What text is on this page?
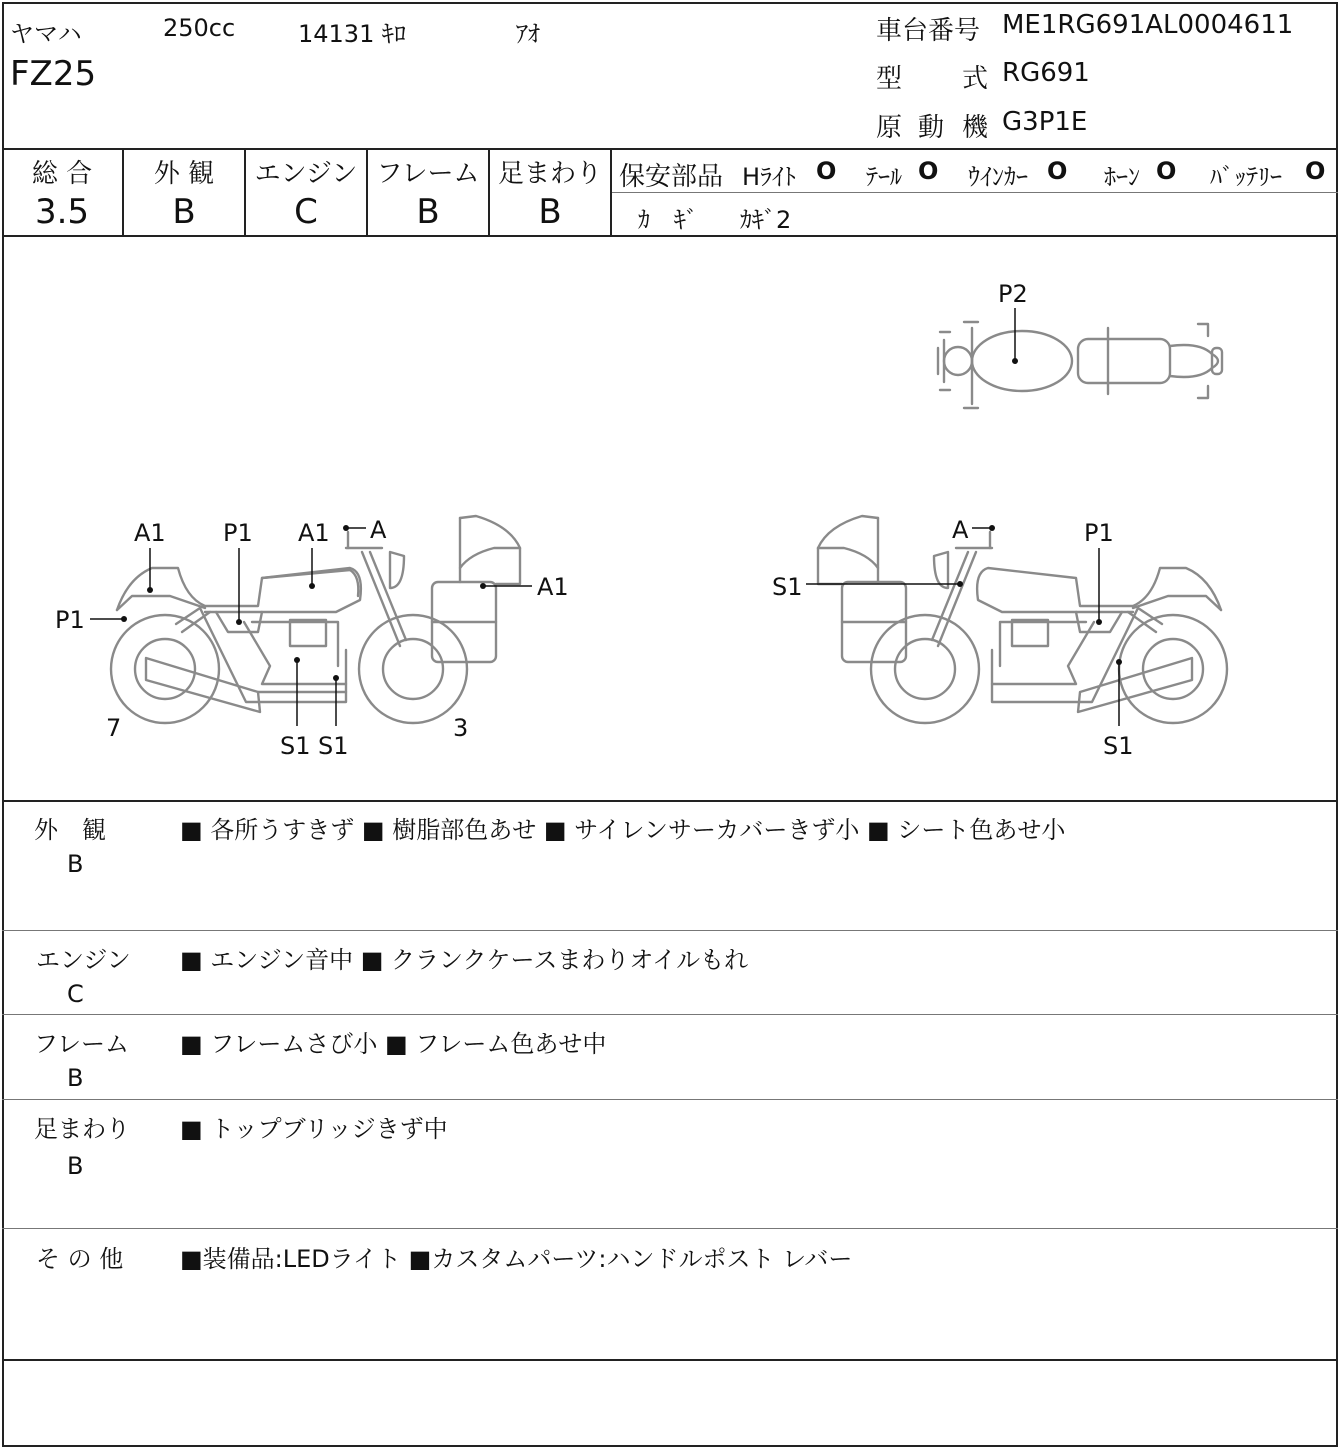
ヤマハ	250cc	14131 ｷﾛ	ｱｵ
FZ25
車台番号 ME1RG691AL0004611
型 式 RG691
原 動 機 G3P1E
総 合
3.5
外 観
B
エンジン
C
フレーム
B
足まわり
B
保安部品 Hﾗｲﾄ O ﾃｰﾙ O ｳｲﾝｶｰ O ﾎｰﾝ O ﾊﾞｯﾃﾘｰ O
ｶ　ｷﾞ ｶｷﾞ2
P2
A1 P1 A1 A
A1
P1
S1 S1
7	3
A	P1
S1
S1
外　観
B
■ 各所うすきず ■ 樹脂部色あせ ■ サイレンサーカバーきず小 ■ シート色あせ小
エンジン
C
■ エンジン音中 ■ クランクケースまわりオイルもれ
フレーム
B
■ フレームさび小 ■ フレーム色あせ中
足まわり
B
■ トップブリッジきず中
そ の 他 ■装備品:LEDライト ■カスタムパーツ:ハンドルポスト レバー
